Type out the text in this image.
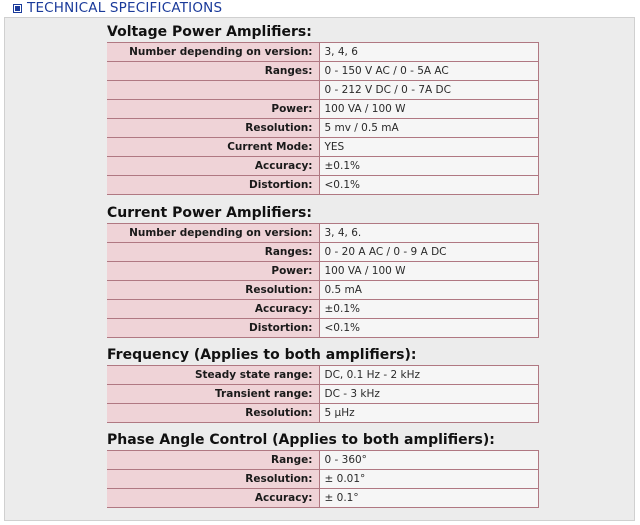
TECHNICAL SPECIFICATIONS
Voltage Power Amplifiers:
Number depending on version:	3, 4, 6
Ranges:	0 - 150 V AC / 0 - 5A AC
	0 - 212 V DC / 0 - 7A DC
Power:	100 VA / 100 W
Resolution:	5 mv / 0.5 mA
Current Mode:	YES
Accuracy:	±0.1%
Distortion:	<0.1%
Current Power Amplifiers:
Number depending on version:	3, 4, 6.
Ranges:	0 - 20 A AC / 0 - 9 A DC
Power:	100 VA / 100 W
Resolution:	0.5 mA
Accuracy:	±0.1%
Distortion:	<0.1%
Frequency (Applies to both amplifiers):
Steady state range:	DC, 0.1 Hz - 2 kHz
Transient range:	DC - 3 kHz
Resolution:	5 µHz
Phase Angle Control (Applies to both amplifiers):
Range:	0 - 360°
Resolution:	± 0.01°
Accuracy:	± 0.1°
